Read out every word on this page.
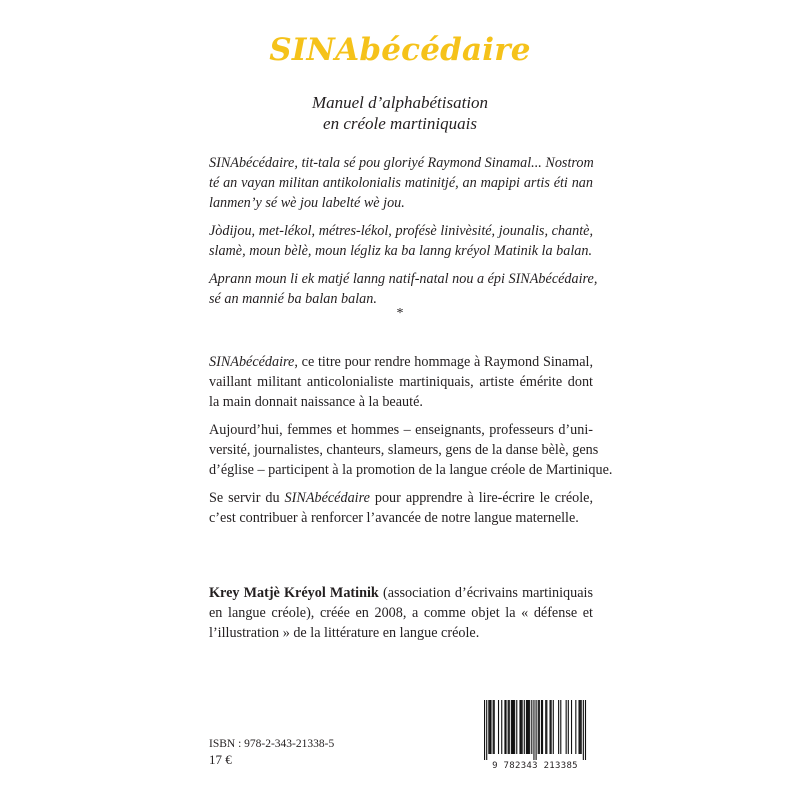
SINAbécédaire
Manuel d’alphabétisation
en créole martiniquais

SINAbécédaire, tit-tala sé pou gloriyé Raymond Sinamal... Nostrom
té an vayan militan antikolonialis matinitjé, an mapipi artis éti nan
lanmen’y sé wè jou labelté wè jou.

Jòdijou, met-lékol, métres-lékol, profésè linivèsité, jounalis, chantè,
slamè, moun bèlè, moun légliz ka ba lanng kréyol Matinik la balan.

Aprann moun li ek matjé lanng natif-natal nou a épi SINAbécédaire,
sé an mannié ba balan balan.

*

SINAbécédaire, ce titre pour rendre hommage à Raymond Sinamal,
vaillant militant anticolonialiste martiniquais, artiste émérite dont
la main donnait naissance à la beauté.

Aujourd’hui, femmes et hommes – enseignants, professeurs d’uni-
versité, journalistes, chanteurs, slameurs, gens de la danse bèlè, gens
d’église – participent à la promotion de la langue créole de Martinique.

Se servir du SINAbécédaire pour apprendre à lire-écrire le créole,
c’est contribuer à renforcer l’avancée de notre langue maternelle.

Krey Matjè Kréyol Matinik (association d’écrivains martiniquais
en langue créole), créée en 2008, a comme objet la « défense et
l’illustration » de la littérature en langue créole.

ISBN : 978-2-343-21338-5
17 €	9 782343 213385
